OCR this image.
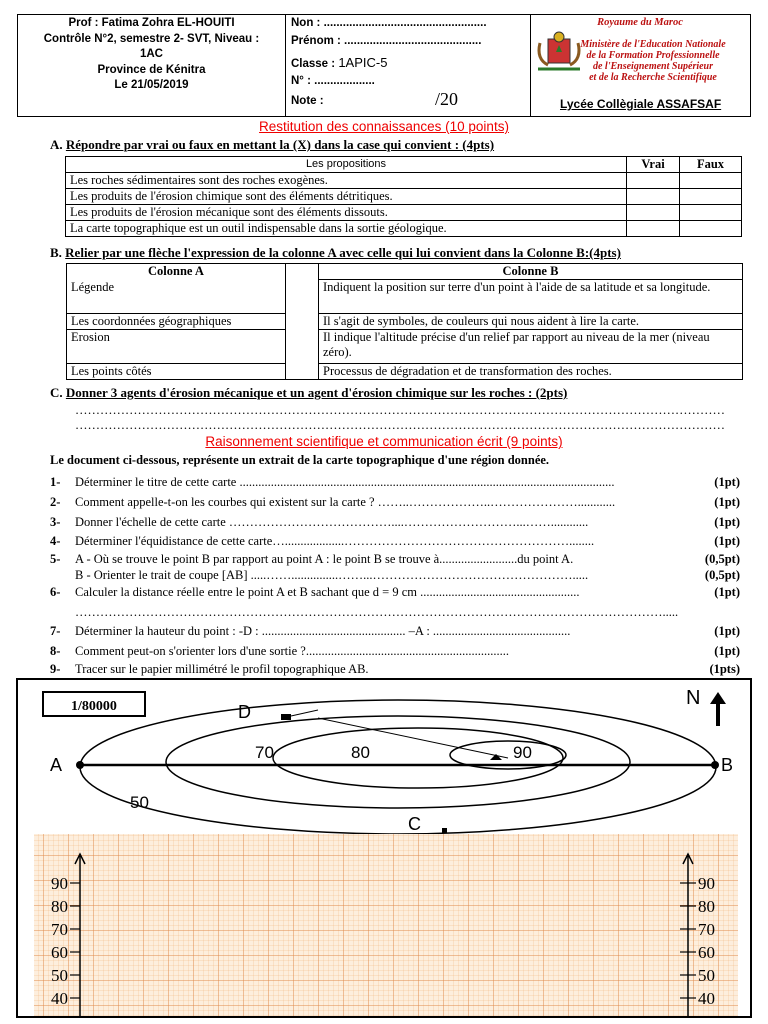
Prof : Fatima Zohra EL-HOUITI
Contrôle N°2, semestre 2- SVT, Niveau :
1AC
Province de Kénitra
Le 21/05/2019
Non : ...................................................
Prénom : ...........................................
Classe : 1APIC-5
N° : ...................
Note :	/20
Royaume du Maroc
Ministère de l'Education Nationale
de la Formation Professionnelle
de l'Enseignement Supérieur
et de la Recherche Scientifique
Lycée Collègiale ASSAFSAF
Restitution des connaissances (10 points)
A. Répondre par vrai ou faux en mettant la (X) dans la case qui convient : (4pts)
Les propositions	Vrai	Faux
Les roches sédimentaires sont des roches exogènes.		
Les produits de l'érosion chimique sont des éléments détritiques.		
Les produits de l'érosion mécanique sont des éléments dissouts.		
La carte topographique est un outil indispensable dans la sortie géologique.		
B. Relier par une flèche l'expression de la colonne A avec celle qui lui convient dans la Colonne B:(4pts)
Colonne A		Colonne B
Légende		Indiquent la position sur terre d'un point à l'aide de sa latitude et sa longitude.
Les coordonnées géographiques		Il s'agit de symboles, de couleurs qui nous aident à lire la carte.
Erosion		Il indique l'altitude précise d'un relief par rapport au niveau de la mer (niveau zéro).
Les points côtés		Processus de dégradation et de transformation des roches.
C. Donner 3 agents d'érosion mécanique et un agent d'érosion chimique sur les roches : (2pts)
…………………………………………………………………………………………………………………………………………
…………………………………………………………………………………………………………………………………………
Raisonnement scientifique et communication écrit (9 points)
Le document ci-dessous, représente un extrait de la carte topographique d'une région donnée.
1- Déterminer le titre de cette carte ........................................................................................................................	(1pt)
2- Comment appelle-t-on les courbes qui existent sur la carte ? ……..………………..…………………............	(1pt)
3- Donner l'échelle de cette carte …………………………………....………………………...……............	(1pt)
4- Déterminer l'équidistance de cette carte…...................………………………………………………........	(1pt)
5- A - Où se trouve le point B par rapport au point A : le point B se trouve à.........................du point A.	(0,5pt)
B - Orienter le trait de coupe [AB] .....……...............……...………………………………………….....	(0,5pt)
6- Calculer la distance réelle entre le point A et B sachant que d = 9 cm ...................................................	(1pt)
…………………………………………………………………………………………………………………………….....
7- Déterminer la hauteur du point : -D : .............................................. –A : ............................................	(1pt)
8- Comment peut-on s'orienter lors d'une sortie ?.................................................................	(1pt)
9- Tracer sur le papier millimétré le profil topographique AB.	(1pts)
1/80000	N
50
70	80	90
A	B
D
C
90	90
80	80
70	70
60	60
50	50
40	40
